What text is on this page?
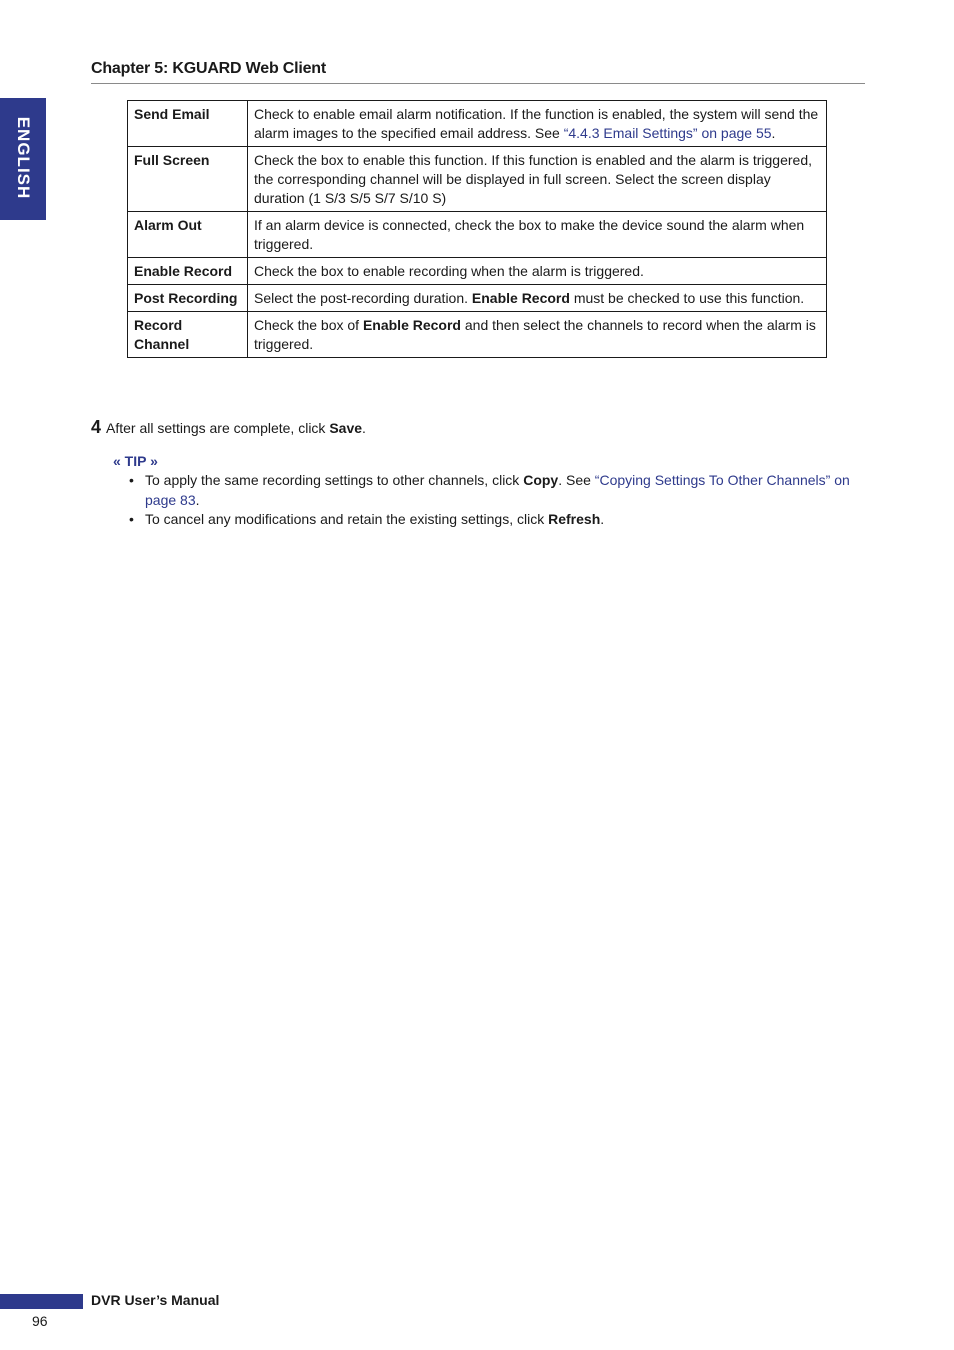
Chapter 5: KGUARD Web Client
ENGLISH
Send Email	Check to enable email alarm notification. If the function is enabled, the system will send the alarm images to the specified email address. See “4.4.3 Email Settings” on page 55.
Full Screen	Check the box to enable this function. If this function is enabled and the alarm is triggered, the corresponding channel will be displayed in full screen. Select the screen display duration (1 S/3 S/5 S/7 S/10 S)
Alarm Out	If an alarm device is connected, check the box to make the device sound the alarm when triggered.
Enable Record	Check the box to enable recording when the alarm is triggered.
Post Recording	Select the post-recording duration. Enable Record must be checked to use this function.
Record Channel	Check the box of Enable Record and then select the channels to record when the alarm is triggered.
4 After all settings are complete, click Save.
« TIP »
• To apply the same recording settings to other channels, click Copy. See “Copying Settings To Other Channels” on page 83.
• To cancel any modifications and retain the existing settings, click Refresh.
DVR User’s Manual
96
